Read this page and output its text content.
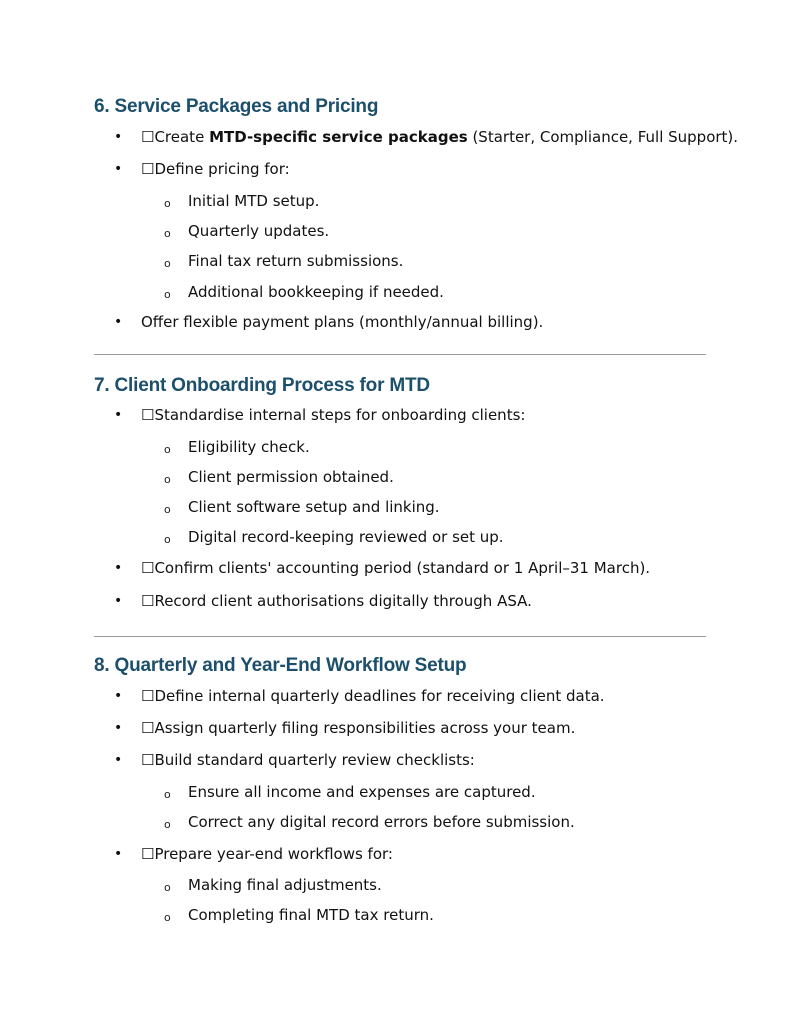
6. Service Packages and Pricing
•	☐Create MTD-specific service packages (Starter, Compliance, Full Support).
•	☐Define pricing for:
o Initial MTD setup.
o Quarterly updates.
o Final tax return submissions.
o Additional bookkeeping if needed.
•	Offer flexible payment plans (monthly/annual billing).
7. Client Onboarding Process for MTD
•	☐Standardise internal steps for onboarding clients:
o Eligibility check.
o Client permission obtained.
o Client software setup and linking.
o Digital record-keeping reviewed or set up.
•	☐Confirm clients' accounting period (standard or 1 April–31 March).
•	☐Record client authorisations digitally through ASA.
8. Quarterly and Year-End Workflow Setup
•	☐Define internal quarterly deadlines for receiving client data.
•	☐Assign quarterly filing responsibilities across your team.
•	☐Build standard quarterly review checklists:
o Ensure all income and expenses are captured.
o Correct any digital record errors before submission.
•	☐Prepare year-end workflows for:
o Making final adjustments.
o Completing final MTD tax return.
